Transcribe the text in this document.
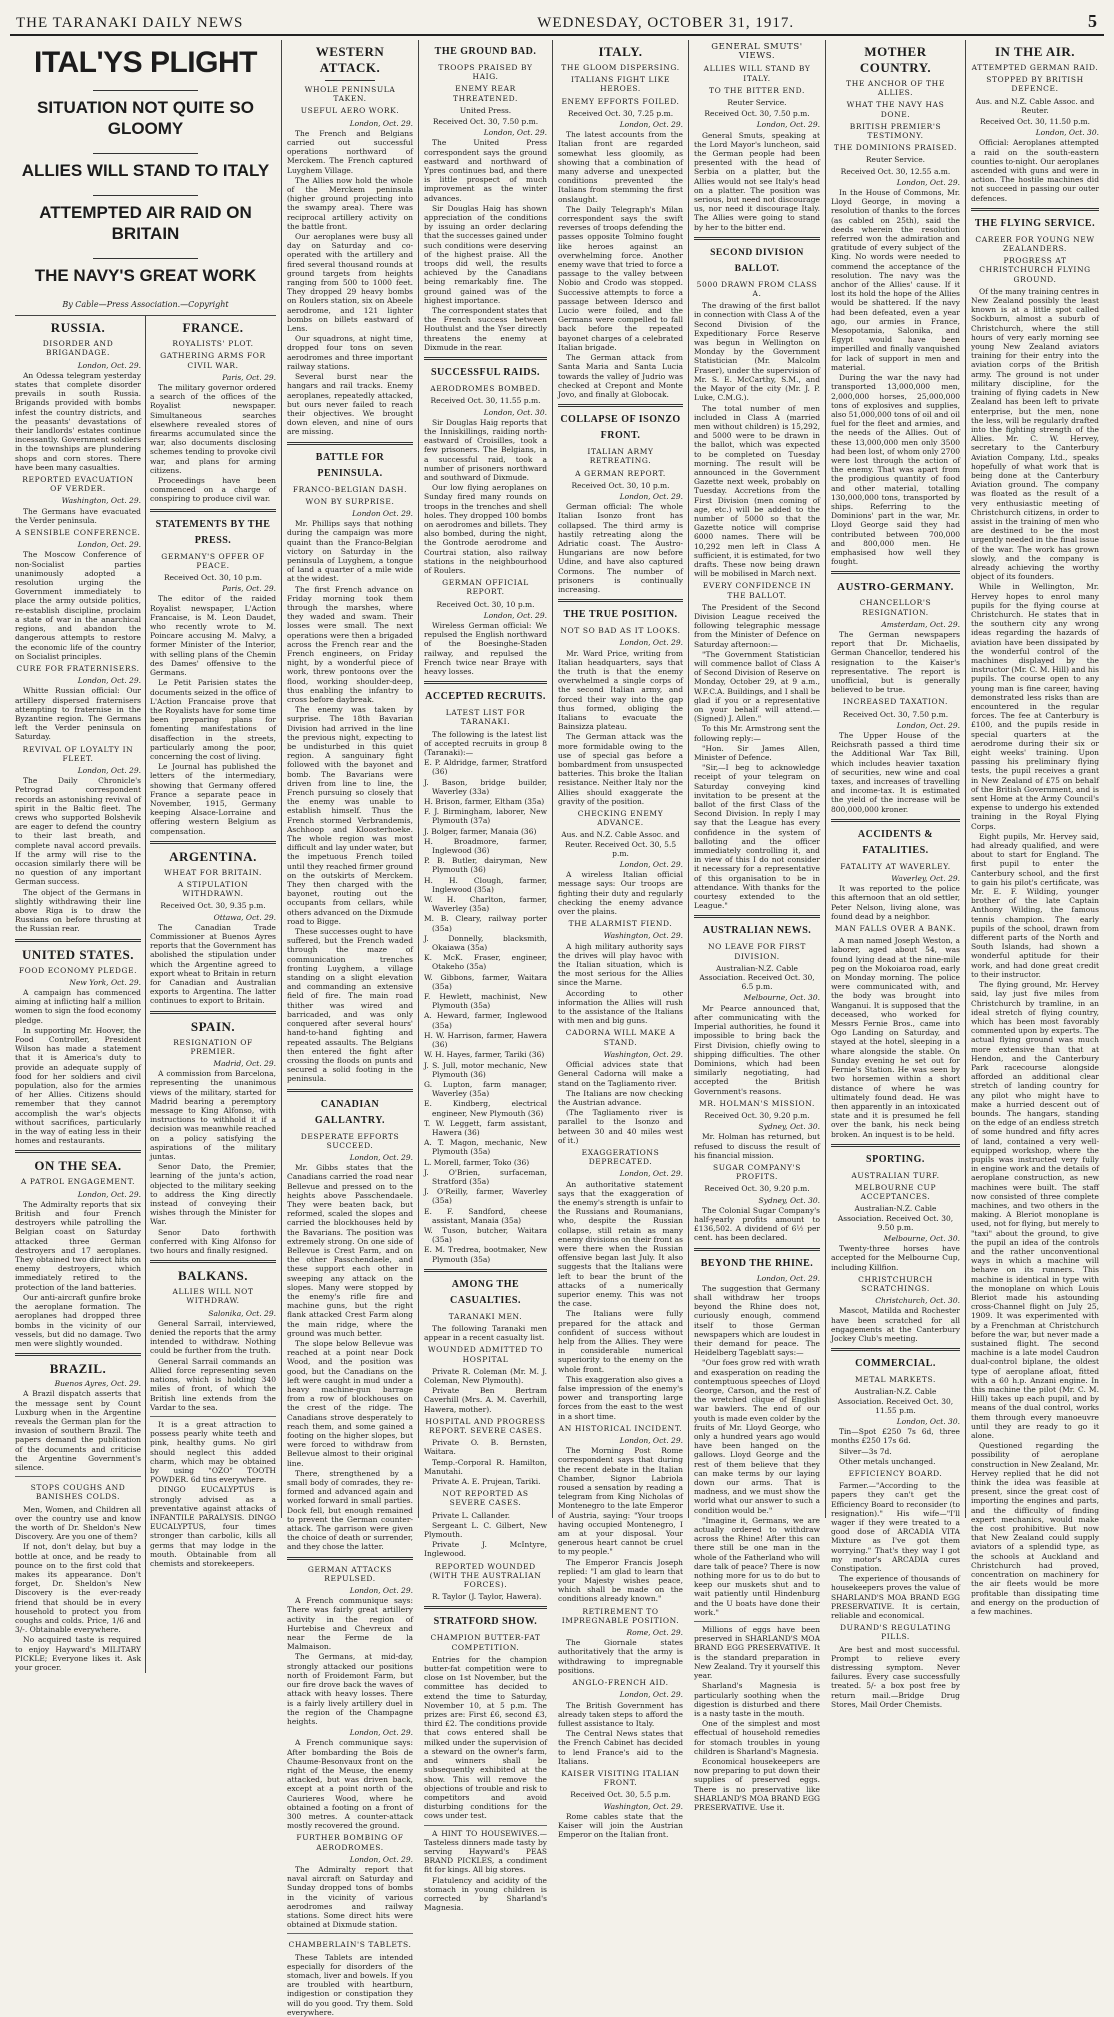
THE TARANAKI DAILY NEWS	WEDNESDAY, OCTOBER 31, 1917.	5
ITAL'YS PLIGHT
SITUATION NOT QUITE SO GLOOMY
ALLIES WILL STAND TO ITALY
ATTEMPTED AIR RAID ON BRITAIN
THE NAVY'S GREAT WORK
By Cable—Press Association.—Copyright
RUSSIA.
DISORDER AND BRIGANDAGE.
London, Oct. 29.

An Odessa telegram yesterday states that complete disorder prevails in south Russia. Brigands provided with bombs infest the country districts, and the peasants' devastations of their landlords' estates continue incessantly. Government soldiers in the townships are plundering shops and corn stores. There have been many casualties.

REPORTED EVACUATION OF VERDER.
Washington, Oct. 29.

The Germans have evacuated the Verder peninsula.

A SENSIBLE CONFERENCE.
London, Oct. 29.

The Moscow Conference of non-Socialist parties unanimously adopted a resolution urging the Government immediately to place the army outside politics, re-establish discipline, proclaim a state of war in the anarchical regions, and abandon the dangerous attempts to restore the economic life of the country on Socialist principles.

CURE FOR FRATERNISERS.
London, Oct. 29.

Whitte Russian official: Our artillery dispersed fraternisers attempting to fraternise in the Byzantine region. The Germans left the Verder peninsula on Saturday.

REVIVAL OF LOYALTY IN FLEET.
London, Oct. 29.

The Daily Chronicle's Petrograd correspondent records an astonishing revival of spirit in the Baltic fleet. The crews who supported Bolshevik are eager to defend the country to their last breath, and complete naval accord prevails. If the army will rise to the occasion similarly there will be no question of any important German success.

The object of the Germans in slightly withdrawing their line above Riga is to draw the Russians on before thrusting at the Russian rear.

UNITED STATES.
FOOD ECONOMY PLEDGE.
New York, Oct. 29.

A campaign has commenced aiming at inflicting half a million women to sign the food economy pledge.

In supporting Mr. Hoover, the Food Controller, President Wilson has made a statement that it is America's duty to provide an adequate supply of food for her soldiers and civil population, also for the armies of her Allies. Citizens should remember that they cannot accomplish the war's objects without sacrifices, particularly in the way of eating less in their homes and restaurants.

ON THE SEA.
A PATROL ENGAGEMENT.
London, Oct. 29.

The Admiralty reports that six British and four French destroyers while patrolling the Belgian coast on Saturday attacked three German destroyers and 17 aeroplanes. They obtained two direct hits on enemy destroyers, which immediately retired to the protection of the land batteries.

Our anti-aircraft gunfire broke the aeroplane formation. The aeroplanes had dropped three bombs in the vicinity of our vessels, but did no damage. Two men were slightly wounded.

BRAZIL.
Buenos Ayres, Oct. 29.

A Brazil dispatch asserts that the message sent by Count Luxburg when in the Argentine reveals the German plan for the invasion of southern Brazil. The papers demand the publication of the documents and criticise the Argentine Government's silence.

STOPS COUGHS AND BANISHES COLDS.

Men, Women, and Children all over the country use and know the worth of Dr. Sheldon's New Discovery. Are you one of them?

If not, don't delay, but buy a bottle at once, and be ready to pounce on to the first cold that makes its appearance. Don't forget, Dr. Sheldon's New Discovery is the ever-ready friend that should be in every household to protect you from coughs and colds. Price, 1/6 and 3/-. Obtainable everywhere.

No acquired taste is required to enjoy Hayward's MILITARY PICKLE; Everyone likes it. Ask your grocer.

FRANCE.
ROYALISTS' PLOT.
GATHERING ARMS FOR CIVIL WAR.
Paris, Oct. 29.

The military governor ordered a search of the offices of the Royalist newspaper. Simultaneous searches elsewhere revealed stores of firearms accumulated since the war, also documents disclosing schemes tending to provoke civil war, and plans for arming citizens.

Proceedings have been commenced on a charge of conspiring to produce civil war.

STATEMENTS BY THE PRESS.
GERMANY'S OFFER OF PEACE.
Received Oct. 30, 10 p.m.
Paris, Oct. 29.

The editor of the raided Royalist newspaper, L'Action Francaise, is M. Leon Daudet, who recently wrote to M. Poincare accusing M. Malvy, a former Minister of the Interior, with selling plans of the Chemin des Dames' offensive to the Germans.

Le Petit Parisien states the documents seized in the office of L'Action Francaise prove that the Royalists have for some time been preparing plans for fomenting manifestations of disaffection in the streets, particularly among the poor, concerning the cost of living.

Le Journal has published the letters of the intermediary, showing that Germany offered France a separate peace in November, 1915, Germany keeping Alsace-Lorraine and offering western Belgium as compensation.

ARGENTINA.
WHEAT FOR BRITAIN.
A STIPULATION WITHDRAWN.
Received Oct. 30, 9.35 p.m.
Ottawa, Oct. 29.

The Canadian Trade Commissioner at Buenos Ayres reports that the Government has abolished the stipulation under which the Argentine agreed to export wheat to Britain in return for Canadian and Australian exports to Argentina. The latter continues to export to Britain.

SPAIN.
RESIGNATION OF PREMIER.
Madrid, Oct. 29.

A commission from Barcelona, representing the unanimous views of the military, started for Madrid bearing a peremptory message to King Alfonso, with instructions to withhold it if a decision was meanwhile reached on a policy satisfying the aspirations of the military juntas.

Senor Dato, the Premier, learning of the junta's action, objected to the military seeking to address the King directly instead of conveying their wishes through the Minister for War.

Senor Dato forthwith conferred with King Alfonso for two hours and finally resigned.

BALKANS.
ALLIES WILL NOT WITHDRAW.
Salonika, Oct. 29.

General Sarrail, interviewed, denied the reports that the army intended to withdraw. Nothing could be further from the truth.

General Sarrail commands an Allied force representing seven nations, which is holding 340 miles of front, of which the British line extends from the Vardar to the sea.

It is a great attraction to possess pearly white teeth and pink, healthy gums. No girl should neglect this added charm, which may be obtained by using "OZO" TOOTH POWDER. 6d tins everywhere.

DINGO EUCALYPTUS is strongly advised as a preventative against attacks of INFANTILE PARALYSIS. DINGO EUCALYPTUS, four times stronger than carbolic, kills all germs that may lodge in the mouth. Obtainable from all chemists and storekeepers.

WESTERN ATTACK.
WHOLE PENINSULA TAKEN.
USEFUL AERO WORK.
London, Oct. 29.

The French and Belgians carried out successful operations northward of Merckem. The French captured Luyghem Village.

The Allies now hold the whole of the Merckem peninsula (higher ground projecting into the swampy area). There was reciprocal artillery activity on the battle front.

Our aeroplanes were busy all day on Saturday and co-operated with the artillery and fired several thousand rounds at ground targets from heights ranging from 500 to 1000 feet. They dropped 29 heavy bombs on Roulers station, six on Abeele aerodrome, and 121 lighter bombs on billets eastward of Lens.

Our squadrons, at night time, dropped four tons on seven aerodromes and three important railway stations.

Several burst near the hangars and rail tracks. Enemy aeroplanes, repeatedly attacked, but ours never failed to reach their objectives. We brought down eleven, and nine of ours are missing.

BATTLE FOR PENINSULA.
FRANCO-BELGIAN DASH.
WON BY SURPRISE.
London Oct. 29.

Mr. Phillips says that nothing during the campaign was more quaint than the Franco-Belgian victory on Saturday in the peninsula of Luyghem, a tongue of land a quarter of a mile wide at the widest.

The first French advance on Friday morning took them through the marshes, where they waded and swam. Their losses were small. The next operations were then a brigaded across the French rear and the French engineers, on Friday night, by a wonderful piece of work, threw pontoons over the flood, working shoulder-deep, thus enabling the infantry to cross before daybreak.

The enemy was taken by surprise. The 18th Bavarian Division had arrived in the line the previous night, expecting to be undisturbed in this quiet region. A sanguinary fight followed with the bayonet and bomb. The Bavarians were driven from line to line, the French pursuing so closely that the enemy was unable to establish himself. Thus the French stormed Verbrandemis, Aschhoop and Kloosterhoeke. The whole region was most difficult and lay under water, but the impetuous French toiled until they reached firmer ground on the outskirts of Merckem. They then charged with the bayonet, routing out the occupants from cellars, while others advanced on the Dixmude road to Bigge.

These successes ought to have suffered, but the French waded through the maze of communication trenches fronting Luyghem, a village standing on a slight elevation and commanding an extensive field of fire. The main road thither was wired and barricaded, and was only conquered after several hours' hand-to-hand fighting and repeated assaults. The Belgians then entered the fight after crossing the floods on punts and secured a solid footing in the peninsula.

CANADIAN GALLANTRY.
DESPERATE EFFORTS SUCCEED.
London, Oct. 29.

Mr. Gibbs states that the Canadians carried the road near Bellevue and pressed on to the heights above Passchendaele. They were beaten back, but reformed, scaled the slopes and carried the blockhouses held by the Bavarians. The position was extremely strong. On one side of Bellevue is Crest Farm, and on the other Passchendaele, and these support each other in sweeping any attack on the slopes. Many were stopped by the enemy's rifle fire and machine guns, but the right flank attacked Crest Farm along the main ridge, where the ground was much better.

The slope below Bellevue was reached at a point near Dock Wood, and the position was good, but the Canadians on the left were caught in mud under a heavy machine-gun barrage from a row of blockhouses on the crest of the ridge. The Canadians strove desperately to reach them, and some gained a footing on the higher slopes, but were forced to withdraw from Bellevue almost to their original line.

There, strengthened by a small body of comrades, they re-formed and advanced again and worked forward in small parties. Dock fell, but enough remained to prevent the German counter-attack. The garrison were given the choice of death or surrender, and they chose the latter.

GERMAN ATTACKS REPULSED.
London, Oct. 29.

A French communique says: There was fairly great artillery activity in the region of Hurtebise and Chevreux and near the Ferme de la Malmaison.

The Germans, at mid-day, strongly attacked our positions north of Froidemont Farm, but our fire drove back the waves of attack with heavy losses. There is a fairly lively artillery duel in the region of the Champagne heights.

London, Oct. 29.

A French communique says: After bombarding the Bois de Chaume-Besonvaux front on the right of the Meuse, the enemy attacked, but was driven back, except at a point north of the Caurieres Wood, where he obtained a footing on a front of 300 metres. A counter-attack mostly recovered the ground.

FURTHER BOMBING OF AERODROMES.
London, Oct. 29.

The Admiralty report that naval aircraft on Saturday and Sunday dropped tons of bombs in the vicinity of various aerodromes and railway stations. Some direct hits were obtained at Dixmude station.

CHAMBERLAIN'S TABLETS.

These Tablets are intended especially for disorders of the stomach, liver and bowels. If you are troubled with heartburn, indigestion or constipation they will do you good. Try them. Sold everywhere.

THE GROUND BAD.
TROOPS PRAISED BY HAIG.
ENEMY REAR THREATENED.
United Press.
Received Oct. 30, 7.50 p.m.
London, Oct. 29.

The United Press correspondent says the ground eastward and northward of Ypres continues bad, and there is little prospect of much improvement as the winter advances.

Sir Douglas Haig has shown appreciation of the conditions by issuing an order declaring that the successes gained under such conditions were deserving of the highest praise. All the troops did well, the results achieved by the Canadians being remarkably fine. The ground gained was of the highest importance.

The correspondent states that the French success between Houthulst and the Yser directly threatens the enemy at Dixmude in the rear.

SUCCESSFUL RAIDS.
AERODROMES BOMBED.
Received Oct. 30, 11.55 p.m.
London, Oct. 30.

Sir Douglas Haig reports that the Inniskillings, raiding north-eastward of Croisilles, took a few prisoners. The Belgians, in a successful raid, took a number of prisoners northward and southward of Dixmude.

Our low flying aeroplanes on Sunday fired many rounds on troops in the trenches and shell holes. They dropped 100 bombs on aerodromes and billets. They also bombed, during the night, the Gontrode aerodrome and Courtrai station, also railway stations in the neighbourhood of Roulers.

GERMAN OFFICIAL REPORT.
Received Oct. 30, 10 p.m.
London, Oct. 29.

Wireless German official: We repulsed the English northward of the Boesinghe-Staden railway, and repulsed the French twice near Braye with heavy losses.

ACCEPTED RECRUITS.
LATEST LIST FOR TARANAKI.

The following is the latest list of accepted recruits in group 8 (Taranaki):—

E. P. Aldridge, farmer, Stratford (36)

J. Bason, bridge builder, Waverley (33a)

H. Brison, farmer, Eltham (35a)

F. J. Birmingham, laborer, New Plymouth (37a)

J. Bolger, farmer, Manaia (36)

H. Broadmore, farmer, Inglewood (36)

P. B. Butler, dairyman, New Plymouth (36)

H. H. Clough, farmer, Inglewood (35a)

W. H. Charlton, farmer, Waverley (35a)

M. B. Cleary, railway porter (35a)

J. Donnelly, blacksmith, Okaiawa (35a)

K. McK. Fraser, engineer, Otakeho (35a)

W. Gibbons, farmer, Waitara (35a)

F. Hewlett, machinist, New Plymouth (35a)

A. Heward, farmer, Inglewood (35a)

H. W. Harrison, farmer, Hawera (36)

W. H. Hayes, farmer, Tariki (36)

J. S. Jull, motor mechanic, New Plymouth (36)

G. Lupton, farm manager, Waverley (35a)

E. Kindberg, electrical engineer, New Plymouth (36)

T. W. Leggett, farm assistant, Hawera (36)

A. T. Magon, mechanic, New Plymouth (35a)

L. Morell, farmer, Toko (36)

J. O'Brien, surfaceman, Stratford (35a)

J. O'Reilly, farmer, Waverley (35a)

E. F. Sandford, cheese assistant, Manaia (35a)

W. Tuson, butcher, Waitara (35a)

E. M. Tredrea, bootmaker, New Plymouth (35a)

AMONG THE CASUALTIES.
TARANAKI MEN.

The following Taranaki men appear in a recent casualty list.

WOUNDED ADMITTED TO HOSPITAL

Private R. Coleman (Mr. M. J. Coleman, New Plymouth).

Private Ben Bertram Caverhill (Mrs. A. M. Caverhill, Hawera, mother).

HOSPITAL AND PROGRESS REPORT. SEVERE CASES.

Private O. B. Bernsten, Waitara.

Temp.-Corporal R. Hamilton, Manutahi.

Private A. E. Prujean, Tariki.

NOT REPORTED AS SEVERE CASES.

Private L. Callander.

Sergeant L. C. Gilbert, New Plymouth.

Private J. McIntyre, Inglewood.

REPORTED WOUNDED (WITH THE AUSTRALIAN FORCES).

R. Taylor (J. Taylor, Hawera).

STRATFORD SHOW.
CHAMPION BUTTER-FAT COMPETITION.

Entries for the champion butter-fat competition were to close on 1st November, but the committee has decided to extend the time to Saturday, November 10, at 5 p.m. The prizes are: First £6, second £3, third £2. The conditions provide that cows entered shall be milked under the supervision of a steward on the owner's farm, and winners shall be subsequently exhibited at the show. This will remove the objections of trouble and risk to competitors and avoid disturbing conditions for the cows under test.

A HINT TO HOUSEWIVES.—Tasteless dinners made tasty by serving Hayward's PEAS BRAND PICKLES, a condiment fit for kings. All big stores.

Flatulency and acidity of the stomach in young children is corrected by Sharland's Magnesia.

ITALY.
THE GLOOM DISPERSING.
ITALIANS FIGHT LIKE HEROES.
ENEMY EFFORTS FOILED.
Received Oct. 30, 7.25 p.m.
London, Oct. 29.

The latest accounts from the Italian front are regarded somewhat less gloomily, as showing that a combination of many adverse and unexpected conditions prevented the Italians from stemming the first onslaught.

The Daily Telegraph's Milan correspondent says the swift reverses of troops defending the passes opposite Tolmino fought like heroes against an overwhelming force. Another enemy wave that tried to force a passage to the valley between Nobio and Crodo was stopped. Successive attempts to force a passage between Idersco and Lucio were foiled, and the Germans were compelled to fall back before the repeated bayonet charges of a celebrated Italian brigade.

The German attack from Santa Maria and Santa Lucia towards the valley of Judrio was checked at Crepont and Monte Jovo, and finally at Globocak.

COLLAPSE OF ISONZO FRONT.
ITALIAN ARMY RETREATING.
A GERMAN REPORT.
Received Oct. 30, 10 p.m.
London, Oct. 29.

German official: The whole Italian Isonzo front has collapsed. The third army is hastily retreating along the Adriatic coast. The Austro-Hungarians are now before Udine, and have also captured Cormons. The number of prisoners is continually increasing.

THE TRUE POSITION.
NOT SO BAD AS IT LOOKS.
London, Oct. 29.

Mr. Ward Price, writing from Italian headquarters, says that the truth is that the enemy overwhelmed a single corps of the second Italian army, and forced their way into the gap thus formed, obliging the Italians to evacuate the Bainsizza plateau.

The German attack was the more formidable owing to the use of special gas before a bombardment from unsuspected batteries. This broke the Italian resistance. Neither Italy nor the Allies should exaggerate the gravity of the position.

CHECKING ENEMY ADVANCE.
Aus. and N.Z. Cable Assoc. and Reuter. Received Oct. 30, 5.5 p.m.
London, Oct. 29.

A wireless Italian official message says: Our troops are fighting their duty and regularly checking the enemy advance over the plains.

THE ALARMIST FIEND.
Washington, Oct. 29.

A high military authority says the drives will play havoc with the Italian situation, which is the most serious for the Allies since the Marne.

According to other information the Allies will rush to the assistance of the Italians with men and big guns.

CADORNA WILL MAKE A STAND.
Washington, Oct. 29.

Official advices state that General Cadorna will make a stand on the Tagliamento river.

The Italians are now checking the Austrian advance.

(The Tagliamento river is parallel to the Isonzo and between 30 and 40 miles west of it.)

EXAGGERATIONS DEPRECATED.
London, Oct. 29.

An authoritative statement says that the exaggeration of the enemy's strength is unfair to the Russians and Roumanians, who, despite the Russian collapse, still retain as many enemy divisions on their front as were there when the Russian offensive began last July. It also suggests that the Italians were left to bear the brunt of the attacks of a numerically superior enemy. This was not the case.

The Italians were fully prepared for the attack and confident of success without help from the Allies. They were in considerable numerical superiority to the enemy on the whole front.

This exaggeration also gives a false impression of the enemy's power and transporting large forces from the east to the west in a short time.

AN HISTORICAL INCIDENT.
London, Oct. 29.

The Morning Post Rome correspondent says that during the recent debate in the Italian Chamber, Signor Labriola roused a sensation by reading a telegram from King Nicholas of Montenegro to the late Emperor of Austria, saying: "Your troops having occupied Montenegro, I am at your disposal. Your generous heart cannot be cruel to my people."

The Emperor Francis Joseph replied: "I am glad to learn that your Majesty wishes peace, which shall be made on the conditions already known."

RETIREMENT TO IMPREGNABLE POSITION.
Rome, Oct. 29.

The Giornale states authoritatively that the army is withdrawing to impregnable positions.

ANGLO-FRENCH AID.
London, Oct. 29.

The British Government has already taken steps to afford the fullest assistance to Italy.

The Central News states that the French Cabinet has decided to lend France's aid to the Italians.

KAISER VISITING ITALIAN FRONT.
Received Oct. 30, 5.5 p.m.
Washington, Oct. 29.

Rome cables state that the Kaiser will join the Austrian Emperor on the Italian front.

GENERAL SMUTS' VIEWS.
ALLIES WILL STAND BY ITALY.
TO THE BITTER END.
Reuter Service.
Received Oct. 30, 7.50 p.m.
London, Oct. 29.

General Smuts, speaking at the Lord Mayor's luncheon, said the German people had been presented with the head of Serbia on a platter, but the Allies would not see Italy's head on a platter. The position was serious, but need not discourage us, nor need it discourage Italy. The Allies were going to stand by her to the bitter end.

SECOND DIVISION BALLOT.
5000 DRAWN FROM CLASS A.

The drawing of the first ballot in connection with Class A of the Second Division of the Expeditionary Force Reserve was begun in Wellington on Monday by the Government Statistician (Mr. Malcolm Fraser), under the supervision of Mr. S. E. McCarthy, S.M., and the Mayor of the city (Mr. J. P. Luke, C.M.G.).

The total number of men included in Class A (married men without children) is 15,292, and 5000 were to be drawn in the ballot, which was expected to be completed on Tuesday morning. The result will be announced in the Government Gazette next week, probably on Tuesday. Accretions from the First Division (men coming of age, etc.) will be added to the number of 5000 so that the Gazette notice will comprise 6000 names. There will be 10,292 men left in Class A sufficient, it is estimated, for two drafts. These now being drawn will be mobilised in March next.

EVERY CONFIDENCE IN THE BALLOT.

The President of the Second Division League received the following telegraphic message from the Minister of Defence on Saturday afternoon:—

"The Government Statistician will commence ballot of Class A of Second Division of Reserve on Monday, October 29, at 9 a.m., W.F.C.A. Buildings, and I shall be glad if you or a representative on your behalf will attend.—(Signed) J. Allen."

To this Mr. Armstrong sent the following reply:—

"Hon. Sir James Allen, Minister of Defence.

"Sir,—I beg to acknowledge receipt of your telegram on Saturday conveying kind invitation to be present at the ballot of the first Class of the Second Division. In reply I may say that the League has every confidence in the system of balloting and the officer immediately controlling it, and in view of this I do not consider it necessary for a representative of this organisation to be in attendance. With thanks for the courtesy extended to the League."

AUSTRALIAN NEWS.
NO LEAVE FOR FIRST DIVISION.
Australian-N.Z. Cable Association. Received Oct. 30, 6.5 p.m.
Melbourne, Oct. 30.

Mr Pearce announced that, after communicating with the Imperial authorities, he found it impossible to bring back the First Division, chiefly owing to shipping difficulties. The other Dominions, which had been similarly negotiating, had accepted the British Government's reasons.

MR. HOLMAN'S MISSION.
Received Oct. 30, 9.20 p.m.
Sydney, Oct. 30.

Mr. Holman has returned, but refused to discuss the result of his financial mission.

SUGAR COMPANY'S PROFITS.
Received Oct. 30, 9.20 p.m.
Sydney, Oct. 30.

The Colonial Sugar Company's half-yearly profits amount to £136,502. A dividend of 6½ per cent. has been declared.

BEYOND THE RHINE.
London, Oct. 29.

The suggestion that Germany shall withdraw her troops beyond the Rhine does not, curiously enough, commend itself to those German newspapers which are loudest in their demand for peace. The Heidelberg Tageblatt says:—

"Our foes grow red with wrath and exasperation on reading the contemptuous speeches of Lloyd George, Carson, and the rest of the wretched clique of English war bawlers. The end of our youth is made even colder by the fruits of Mr. Lloyd George, who only a hundred years ago would have been hanged on the gallows. Lloyd George and the rest of them believe that they can make terms by our laying down our arms. That is madness, and we must show the world what our answer to such a condition would be."

"Imagine it, Germans, we are actually ordered to withdraw across the Rhine! After this can there still be one man in the whole of the Fatherland who will dare talk of peace? There is now nothing more for us to do but to keep our muskets shut and to wait patiently until Hindenburg and the U boats have done their work."

Millions of eggs have been preserved in SHARLAND'S MOA BRAND EGG PRESERVATIVE. It is the standard preparation in New Zealand. Try it yourself this year.

Sharland's Magnesia is particularly soothing when the digestion is disturbed and there is a nasty taste in the mouth.

One of the simplest and most effectual of household remedies for stomach troubles in young children is Sharland's Magnesia.

Economical housekeepers are now preparing to put down their supplies of preserved eggs. There is no preservative like SHARLAND'S MOA BRAND EGG PRESERVATIVE. Use it.

MOTHER COUNTRY.
THE ANCHOR OF THE ALLIES.
WHAT THE NAVY HAS DONE.
BRITISH PREMIER'S TESTIMONY.
THE DOMINIONS PRAISED.
Reuter Service.
Received Oct. 30, 12.55 a.m.
London, Oct. 29.

In the House of Commons, Mr. Lloyd George, in moving a resolution of thanks to the forces (as cabled on 25th), said the deeds wherein the resolution referred won the admiration and gratitude of every subject of the King. No words were needed to commend the acceptance of the resolution. The navy was the anchor of the Allies' cause. If it lost its hold the hope of the Allies would be shattered. If the navy had been defeated, even a year ago, our armies in France, Mesopotamia, Salonika, and Egypt would have been imperilled and finally vanquished for lack of support in men and material.

During the war the navy had transported 13,000,000 men, 2,000,000 horses, 25,000,000 tons of explosives and supplies, also 51,000,000 tons of oil and oil fuel for the fleet and armies, and the needs of the Allies. Out of these 13,000,000 men only 3500 had been lost, of whom only 2700 were lost through the action of the enemy. That was apart from the prodigious quantity of food and other material, totalling 130,000,000 tons, transported by ships. Referring to the Dominions' part in the war, Mr. Lloyd George said they had contributed between 700,000 and 800,000 men. He emphasised how well they fought.

AUSTRO-GERMANY.
CHANCELLOR'S RESIGNATION.
Amsterdam, Oct. 29.

The German newspapers report that Dr. Michaelis, German Chancellor, tendered his resignation to the Kaiser's representative. The report is unofficial, but is generally believed to be true.

INCREASED TAXATION.
Received Oct. 30, 7.50 p.m.
London, Oct. 29.

The Upper House of the Reichsrath passed a third time the Additional War Tax Bill, which includes heavier taxation of securities, new wine and coal taxes, and increases of travelling and income-tax. It is estimated the yield of the increase will be 800,000,000 kroner.

ACCIDENTS & FATALITIES.
FATALITY AT WAVERLEY.
Waverley, Oct. 29.

It was reported to the police this afternoon that an old settler, Peter Nelson, living alone, was found dead by a neighbor.

MAN FALLS OVER A BANK.

A man named Joseph Weston, a laborer, aged about 54, was found lying dead at the nine-mile peg on the Mokoiaroa road, early on Monday morning. The police were communicated with, and the body was brought into Wanganui. It is supposed that the deceased, who worked for Messrs Fernie Bros., came into Ogo Landing on Saturday, and stayed at the hotel, sleeping in a whare alongside the stable. On Sunday evening he set out for Fernie's Station. He was seen by two horsemen within a short distance of where he was ultimately found dead. He was then apparently in an intoxicated state and it is presumed he fell over the bank, his neck being broken. An inquest is to be held.

SPORTING.
AUSTRALIAN TURF.
MELBOURNE CUP ACCEPTANCES.
Australian-N.Z. Cable Association. Received Oct. 30, 9.50 p.m.
Melbourne, Oct. 30.

Twenty-three horses have accepted for the Melbourne Cup, including Killfion.

CHRISTCHURCH SCRATCHINGS.
Christchurch, Oct. 30.

Mascot, Matilda and Rochester have been scratched for all engagements at the Canterbury Jockey Club's meeting.

COMMERCIAL.
METAL MARKETS.
Australian-N.Z. Cable Association. Received Oct. 30, 11.55 p.m.
London, Oct. 30.

Tin—Spot £250 7s 6d, three months £250 17s 6d.

Silver—3s 7d.

Other metals unchanged.

EFFICIENCY BOARD.

Farmer.—"According to the papers they can't get the Efficiency Board to reconsider (to resignation)." His wife—"I'll wager if they were treated to a good dose of ARCADIA VITA Mixture as I've got them worrying." That's they way I got my motor's ARCADIA cures Constipation.

The experience of thousands of housekeepers proves the value of SHARLAND'S MOA BRAND EGG PRESERVATIVE. It is certain, reliable and economical.

DURAND'S REGULATING PILLS.

Are best and most successful. Prompt to relieve every distressing symptom. Never failures. Every case successfully treated. 5/- a box post free by return mail.—Bridge Drug Stores, Mail Order Chemists.

IN THE AIR.
ATTEMPTED GERMAN RAID.
STOPPED BY BRITISH DEFENCE.
Aus. and N.Z. Cable Assoc. and Reuter.
Received Oct. 30, 11.50 p.m.
London, Oct. 30.

Official: Aeroplanes attempted a raid on the south-eastern counties to-night. Our aeroplanes ascended with guns and were in action. The hostile machines did not succeed in passing our outer defences.

THE FLYING SERVICE.
CAREER FOR YOUNG NEW ZEALANDERS.
PROGRESS AT CHRISTCHURCH FLYING GROUND.

Of the many training centres in New Zealand possibly the least known is at a little spot called Sockburn, almost a suburb of Christchurch, where the still hours of very early morning see young New Zealand aviators training for their entry into the aviation corps of the British army. The ground is not under military discipline, for the training of flying cadets in New Zealand has been left to private enterprise, but the men, none the less, will be regularly drafted into the fighting strength of the Allies. Mr. C. W. Hervey, secretary to the Canterbury Aviation Company, Ltd., speaks hopefully of what work that is being done at the Canterbury Aviation ground. The company was floated as the result of a very enthusiastic meeting of Christchurch citizens, in order to assist in the training of men who are destined to be the most urgently needed in the final issue of the war. The work has grown slowly, and the company is already achieving the worthy object of its founders.

While in Wellington, Mr. Hervey hopes to enrol many pupils for the flying course at Christchurch. He states that in the southern city any wrong ideas regarding the hazards of aviation have been dissipated by the wonderful control of the machines displayed by the instructor (Mr. C. M. Hill) and his pupils. The course open to any young man is fine career, having demonstrated less risks than are encountered in the regular forces. The fee at Canterbury is £100, and the pupils reside in special quarters at the aerodrome during their six or eight weeks' training. Upon passing his preliminary flying tests, the pupil receives a grant in New Zealand of £75 on behalf of the British Government, and is sent Home at the Army Council's expense to undergo his extended training in the Royal Flying Corps.

Eight pupils, Mr. Hervey said, had already qualified, and were about to start for England. The first pupil to enter the Canterbury school, and the first to gain his pilot's certificate, was Mr. E. F. Wilding, younger brother of the late Captain Anthony Wilding, the famous tennis champion. The early pupils of the school, drawn from different parts of the North and South Islands, had shown a wonderful aptitude for their work, and had done great credit to their instructor.

The flying ground, Mr. Hervey said, lay just five miles from Christchurch by tramline, in an ideal stretch of flying country, which has been most favorably commented upon by experts. The actual flying ground was much more extensive than that at Hendon, and the Canterbury Park racecourse alongside afforded an additional clear stretch of landing country for any pilot who might have to make a hurried descent out of bounds. The hangars, standing on the edge of an endless stretch of some hundred and fifty acres of land, contained a very well-equipped workshop, where the pupils was instructed very fully in engine work and the details of aeroplane construction, as new machines were built. The staff now consisted of three complete machines, and two others in the making. A Bleriot monoplane is used, not for flying, but merely to "taxi" about the ground, to give the pupil an idea of the controls and the rather unconventional ways in which a machine will behave on its runners. This machine is identical in type with the monoplane on which Louis Bleriot made his astounding cross-Channel flight on July 25, 1909. It was experimented with by a Frenchman at Christchurch before the war, but never made a sustained flight. The second machine is a late model Caudron dual-control biplane, the oldest type of aeroplane afloat, fitted with a 60 h.p. Anzani engine. In this machine the pilot (Mr. C. M. Hill) takes up each pupil, and by means of the dual control, works them through every manoeuvre until they are ready to go it alone.

Questioned regarding the possibility of aeroplane construction in New Zealand, Mr. Hervey replied that he did not think the idea was feasible at present, since the great cost of importing the engines and parts, and the difficulty of finding expert mechanics, would make the cost prohibitive. But now that New Zealand could supply aviators of a splendid type, as the schools at Auckland and Christchurch had proved, concentration on machinery for the air fleets would be more profitable than dissipating time and energy on the production of a few machines.
